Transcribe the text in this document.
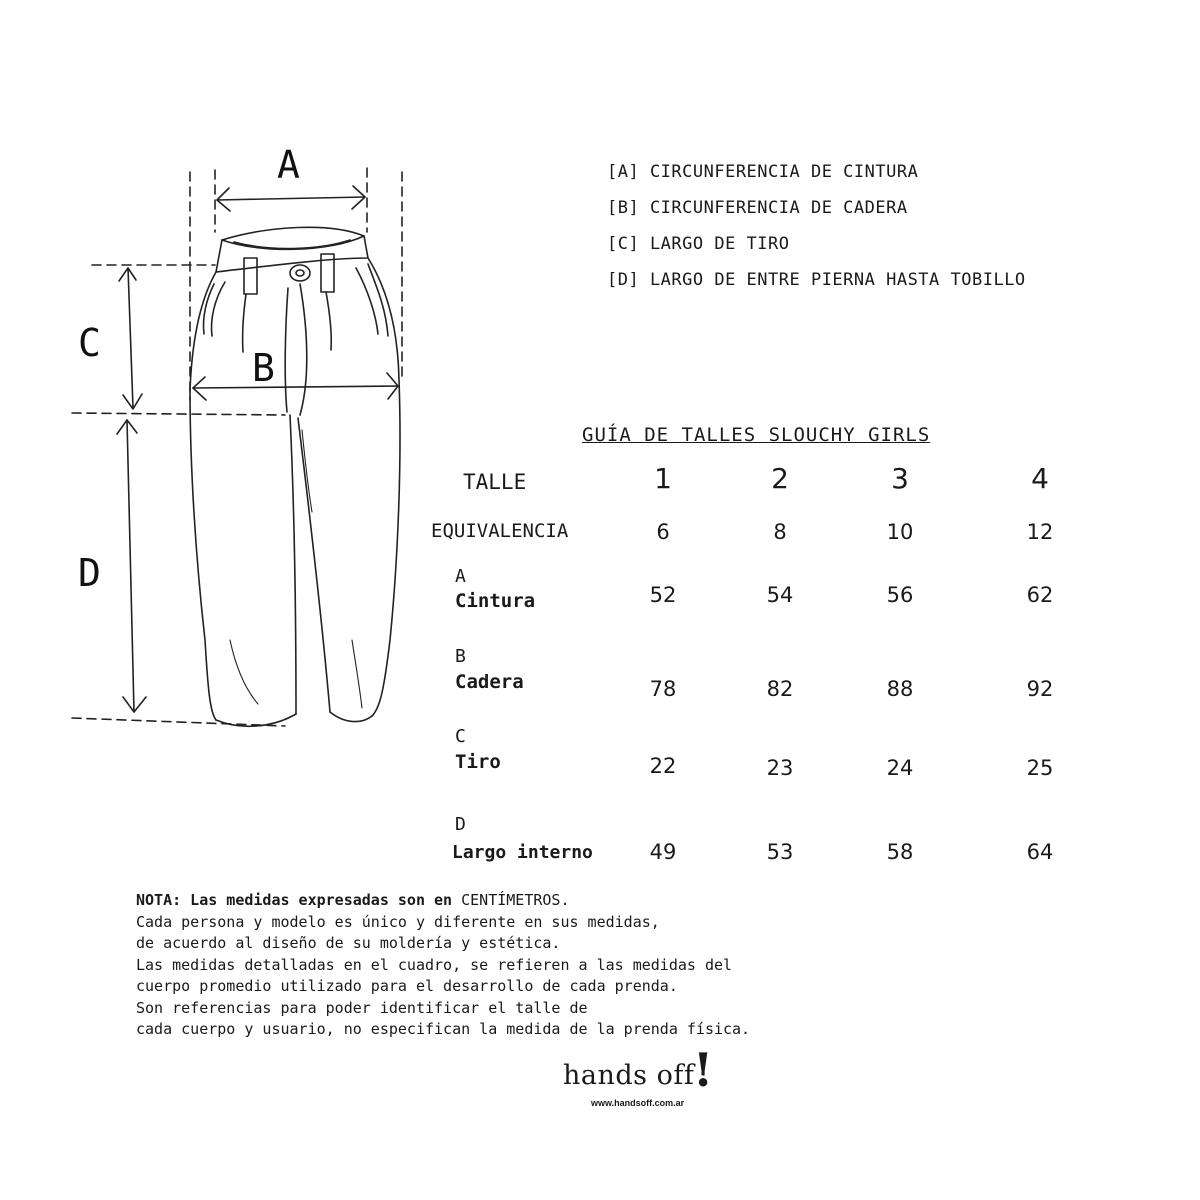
A
B
C
D
[A] CIRCUNFERENCIA DE CINTURA
[B] CIRCUNFERENCIA DE CADERA
[C] LARGO DE TIRO
[D] LARGO DE ENTRE PIERNA HASTA TOBILLO
GUÍA DE TALLES SLOUCHY GIRLS
TALLE	1	2	3	4
EQUIVALENCIA	6	8	10	12
A
Cintura	52	54	56	62
B
Cadera	78	82	88	92
C
Tiro	22	23	24	25
D
Largo interno	49	53	58	64
NOTA: Las medidas expresadas son en CENTÍMETROS.
Cada persona y modelo es único y diferente en sus medidas,
de acuerdo al diseño de su moldería y estética.
Las medidas detalladas en el cuadro, se refieren a las medidas del
cuerpo promedio utilizado para el desarrollo de cada prenda.
Son referencias para poder identificar el talle de
cada cuerpo y usuario, no especifican la medida de la prenda física.
hands off
!
www.handsoff.com.ar
